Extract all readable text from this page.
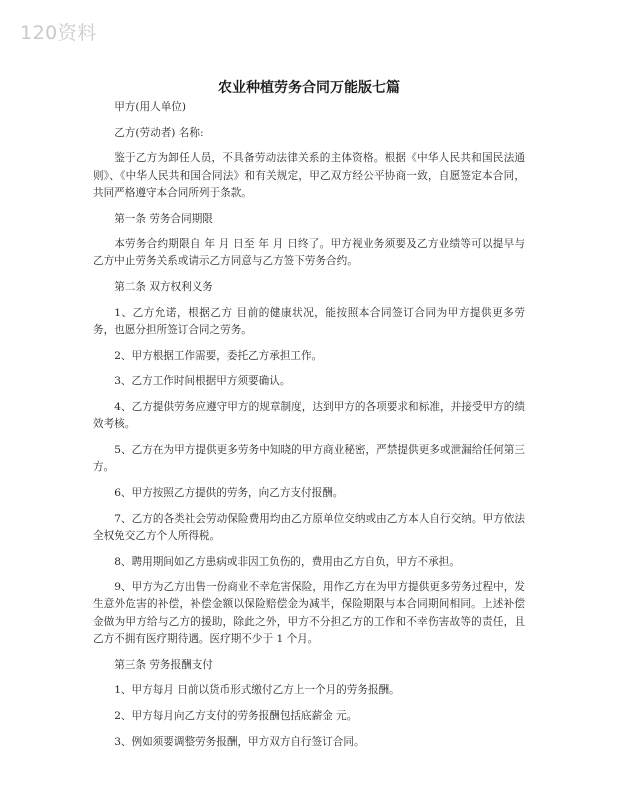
120资料
农业种植劳务合同万能版七篇

甲方(用人单位)

乙方(劳动者) 名称:

鉴于乙方为卸任人员，不具备劳动法律关系的主体资格。根据《中华人民共和国民法通则》、《中华人民共和国合同法》和有关规定，甲乙双方经公平协商一致，自愿签定本合同，共同严格遵守本合同所列于条款。

第一条 劳务合同期限

本劳务合约期限自 年 月 日至 年 月 日终了。甲方视业务须要及乙方业绩等可以提早与乙方中止劳务关系或请示乙方同意与乙方签下劳务合约。

第二条 双方权利义务

1、乙方允诺，根据乙方 目前的健康状况，能按照本合同签订合同为甲方提供更多劳务，也愿分担所签订合同之劳务。

2、甲方根据工作需要，委托乙方承担工作。

3、乙方工作时间根据甲方须要确认。

4、乙方提供劳务应遵守甲方的规章制度，达到甲方的各项要求和标准，并接受甲方的绩效考核。

5、乙方在为甲方提供更多劳务中知晓的甲方商业秘密，严禁提供更多或泄漏给任何第三方。

6、甲方按照乙方提供的劳务，向乙方支付报酬。

7、乙方的各类社会劳动保险费用均由乙方原单位交纳或由乙方本人自行交纳。甲方依法全权免交乙方个人所得税。

8、聘用期间如乙方患病或非因工负伤的，费用由乙方自负，甲方不承担。

9、甲方为乙方出售一份商业不幸危害保险，用作乙方在为甲方提供更多劳务过程中，发生意外危害的补偿，补偿金额以保险赔偿金为减半，保险期限与本合同期间相同。上述补偿金做为甲方给与乙方的援助，除此之外，甲方不分担乙方的工作和不幸伤害故等的责任，且乙方不拥有医疗期待遇。医疗期不少于 1 个月。

第三条 劳务报酬支付

1、甲方每月 日前以货币形式缴付乙方上一个月的劳务报酬。

2、甲方每月向乙方支付的劳务报酬包括底薪金 元。

3、例如须要调整劳务报酬，甲方双方自行签订合同。
